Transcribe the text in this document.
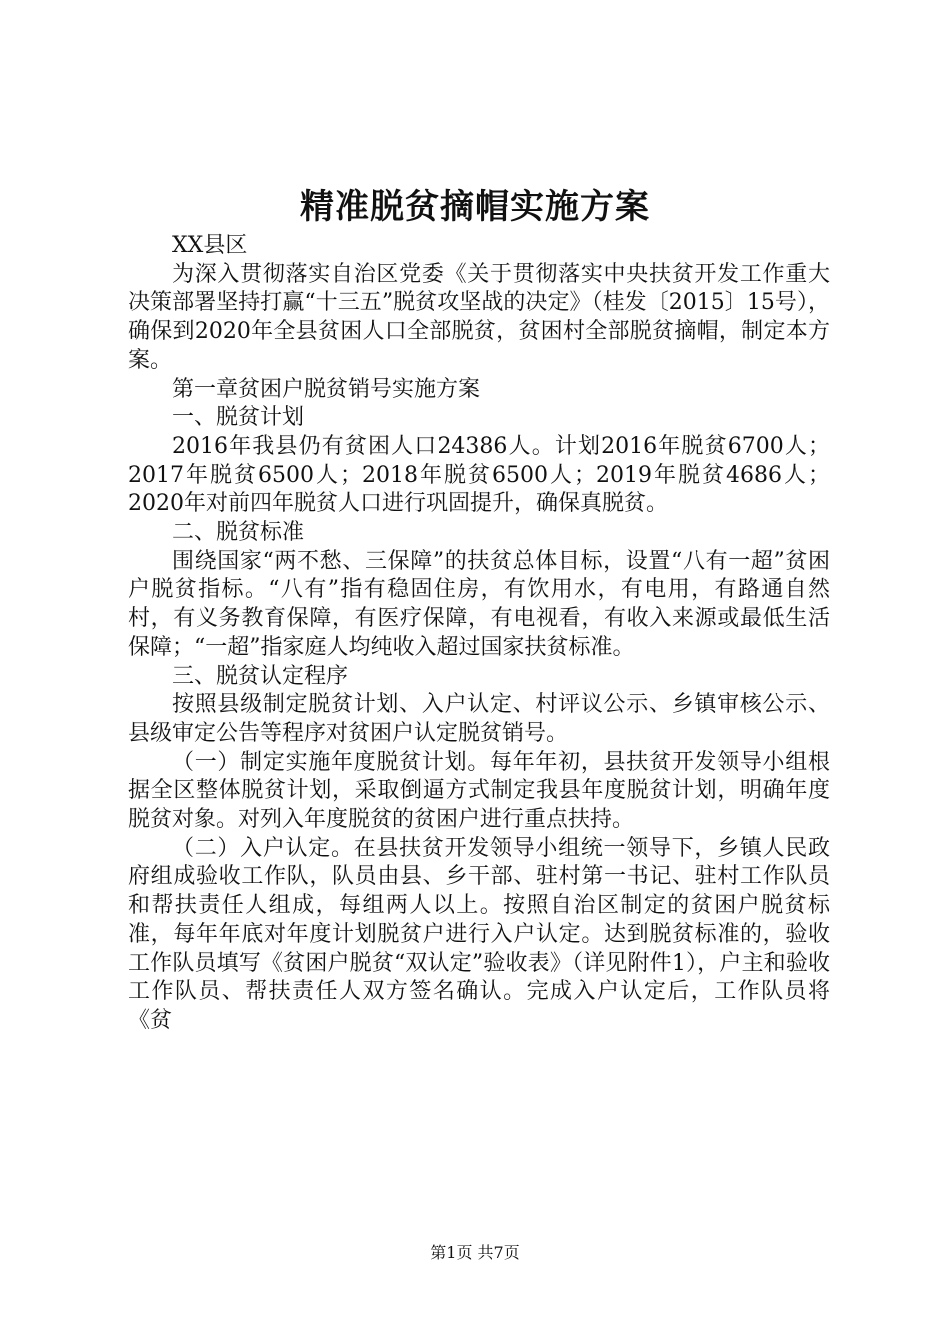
精准脱贫摘帽实施方案

XX县区

为深入贯彻落实自治区党委《关于贯彻落实中央扶贫开发工作重大决策部署坚持打赢“十三五”脱贫攻坚战的决定》（桂发〔2015〕15号），确保到2020年全县贫困人口全部脱贫，贫困村全部脱贫摘帽，制定本方案。

第一章贫困户脱贫销号实施方案

一、脱贫计划

2016年我县仍有贫困人口24386人。计划2016年脱贫6700人；2017年脱贫6500人；2018年脱贫6500人；2019年脱贫4686人；2020年对前四年脱贫人口进行巩固提升，确保真脱贫。

二、脱贫标准

围绕国家“两不愁、三保障”的扶贫总体目标，设置“八有一超”贫困户脱贫指标。“八有”指有稳固住房，有饮用水，有电用，有路通自然村，有义务教育保障，有医疗保障，有电视看，有收入来源或最低生活保障；“一超”指家庭人均纯收入超过国家扶贫标准。

三、脱贫认定程序

按照县级制定脱贫计划、入户认定、村评议公示、乡镇审核公示、县级审定公告等程序对贫困户认定脱贫销号。

（一）制定实施年度脱贫计划。每年年初，县扶贫开发领导小组根据全区整体脱贫计划，采取倒逼方式制定我县年度脱贫计划，明确年度脱贫对象。对列入年度脱贫的贫困户进行重点扶持。

（二）入户认定。在县扶贫开发领导小组统一领导下，乡镇人民政府组成验收工作队，队员由县、乡干部、驻村第一书记、驻村工作队员和帮扶责任人组成，每组两人以上。按照自治区制定的贫困户脱贫标准，每年年底对年度计划脱贫户进行入户认定。达到脱贫标准的，验收工作队员填写《贫困户脱贫“双认定”验收表》（详见附件1），户主和验收工作队员、帮扶责任人双方签名确认。完成入户认定后，工作队员将《贫

第1页 共7页
